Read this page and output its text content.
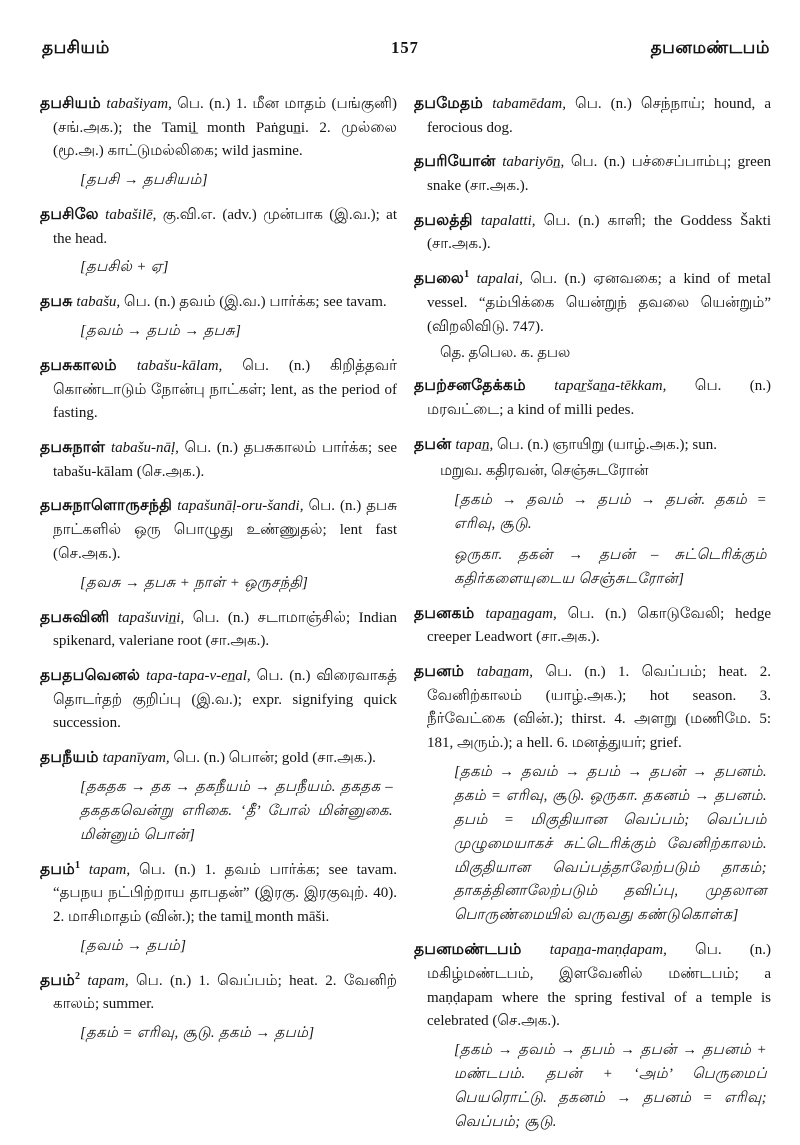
தபசியம்	157	தபனமண்டபம்

தபசியம் tabašiyam, பெ. (n.) 1. மீன மாதம் (பங்குனி) (சங்.அக.); the Tamil̲ month Paṅgun̲i. 2. முல்லை (மூ.அ.) காட்டுமல்லிகை; wild jasmine.

[தபசி → தபசியம்]

தபசிலே tabašilē, கு.வி.எ. (adv.) முன்பாக (இ.வ.); at the head.

[தபசில் + ஏ]

தபசு tabašu, பெ. (n.) தவம் (இ.வ.) பார்க்க; see tavam.

[தவம் → தபம் → தபசு]

தபசுகாலம் tabašu-kālam, பெ. (n.) கிறித்தவர் கொண்டாடும் நோன்பு நாட்கள்; lent, as the period of fasting.

தபசுநாள் tabašu-nāḷ, பெ. (n.) தபசுகாலம் பார்க்க; see tabašu-kālam (செ.அக.).

தபசுநாளொருசந்தி tapašunāḷ-oru-šandi, பெ. (n.) தபசு நாட்களில் ஒரு பொழுது உண்ணுதல்; lent fast (செ.அக.).

[தவசு → தபசு + நாள் + ஒருசந்தி]

தபசுவினி tapašuvin̲i, பெ. (n.) சடாமாஞ்சில்; Indian spikenard, valeriane root (சா.அக.).

தபதபவெனல் tapa-tapa-v-en̲al, பெ. (n.) விரைவாகத் தொடர்தற் குறிப்பு (இ.வ.); expr. signifying quick succession.

தபநீயம் tapanīyam, பெ. (n.) பொன்; gold (சா.அக.).

[தகதக → தக → தகநீயம் → தபநீயம். தகதக – தகதகவென்று எரிகை. ‘தீ’ போல் மின்னுகை. மின்னும் பொன்]

தபம்$^1$ tapam, பெ. (n.) 1. தவம் பார்க்க; see tavam. “தபநய நட்பிற்றாய தாபதன்” (இரகு. இரகுவுற். 40). 2. மாசிமாதம் (வின்.); the tamil̲ month māši.

[தவம் → தபம்]

தபம்$^2$ tapam, பெ. (n.) 1. வெப்பம்; heat. 2. வேனிற் காலம்; summer.

[தகம் = எரிவு, சூடு. தகம் → தபம்]

தபமேதம் tabamēdam, பெ. (n.) செந்நாய்; hound, a ferocious dog.

தபரியோன் tabariyōn̲, பெ. (n.) பச்சைப்பாம்பு; green snake (சா.அக.).

தபலத்தி tapalatti, பெ. (n.) காளி; the Goddess Šakti (சா.அக.).

தபலை$^1$ tapalai, பெ. (n.) ஏனவகை; a kind of metal vessel. “தம்பிக்கை யென்றுந் தவலை யென்றும்” (விறலிவிடு. 747).

தெ. தபெல. க. தபல

தபற்சனதேக்கம் tapar̲šan̲a-tēkkam, பெ. (n.) மரவட்டை; a kind of milli pedes.

தபன் tapan̲, பெ. (n.) ஞாயிறு (யாழ்.அக.); sun.

மறுவ. கதிரவன், செஞ்சுடரோன்
[தகம் → தவம் → தபம் → தபன். தகம் = எரிவு, சூடு.
ஒருகா. தகன் → தபன் – சுட்டெரிக்கும் கதிர்களையுடைய செஞ்சுடரோன்]

தபனகம் tapan̲agam, பெ. (n.) கொடுவேலி; hedge creeper Leadwort (சா.அக.).

தபனம் taban̲am, பெ. (n.) 1. வெப்பம்; heat. 2. வேனிற்காலம் (யாழ்.அக.); hot season. 3. நீர்வேட்கை (வின்.); thirst. 4. அளறு (மணிமே. 5: 181, அரும்.); a hell. 6. மனத்துயர்; grief.

[தகம் → தவம் → தபம் → தபன் → தபனம். தகம் = எரிவு, சூடு. ஒருகா. தகனம் → தபனம். தபம் = மிகுதியான வெப்பம்; வெப்பம் முழுமையாகச் சுட்டெரிக்கும் வேனிற்காலம். மிகுதியான வெப்பத்தாலேற்படும் தாகம்; தாகத்தினாலேற்படும் தவிப்பு, முதலான பொருண்மையில் வருவது கண்டுகொள்க]

தபனமண்டபம் tapan̲a-maṇḍapam, பெ. (n.) மகிழ்மண்டபம், இளவேனில் மண்டபம்; a maṇḍapam where the spring festival of a temple is celebrated (செ.அக.).

[தகம் → தவம் → தபம் → தபன் → தபனம் + மண்டபம். தபன் + ‘அம்’ பெருமைப் பெயரொட்டு. தகனம் → தபனம் = எரிவு; வெப்பம்; சூடு.
